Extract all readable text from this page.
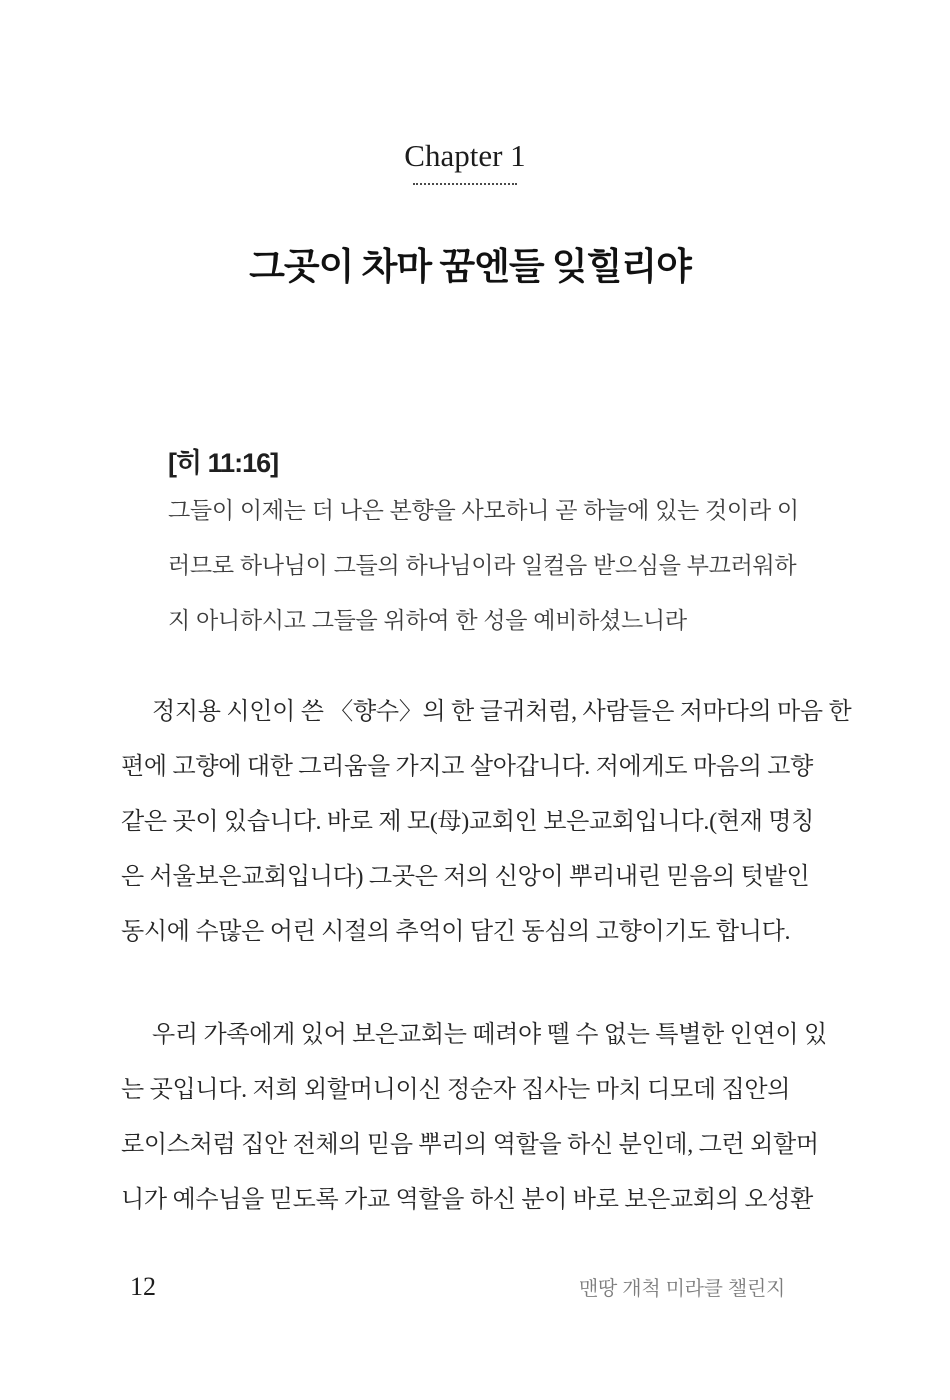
Chapter 1
그곳이 차마 꿈엔들 잊힐리야
[히 11:16]
그들이 이제는 더 나은 본향을 사모하니 곧 하늘에 있는 것이라 이
러므로 하나님이 그들의 하나님이라 일컬음 받으심을 부끄러워하
지 아니하시고 그들을 위하여 한 성을 예비하셨느니라

정지용 시인이 쓴 〈향수〉의 한 글귀처럼, 사람들은 저마다의 마음 한
편에 고향에 대한 그리움을 가지고 살아갑니다. 저에게도 마음의 고향
같은 곳이 있습니다. 바로 제 모(母)교회인 보은교회입니다.(현재 명칭
은 서울보은교회입니다) 그곳은 저의 신앙이 뿌리내린 믿음의 텃밭인
동시에 수많은 어린 시절의 추억이 담긴 동심의 고향이기도 합니다.

우리 가족에게 있어 보은교회는 떼려야 뗄 수 없는 특별한 인연이 있
는 곳입니다. 저희 외할머니이신 정순자 집사는 마치 디모데 집안의
로이스처럼 집안 전체의 믿음 뿌리의 역할을 하신 분인데, 그런 외할머
니가 예수님을 믿도록 가교 역할을 하신 분이 바로 보은교회의 오성환

12	맨땅 개척 미라클 챌린지
